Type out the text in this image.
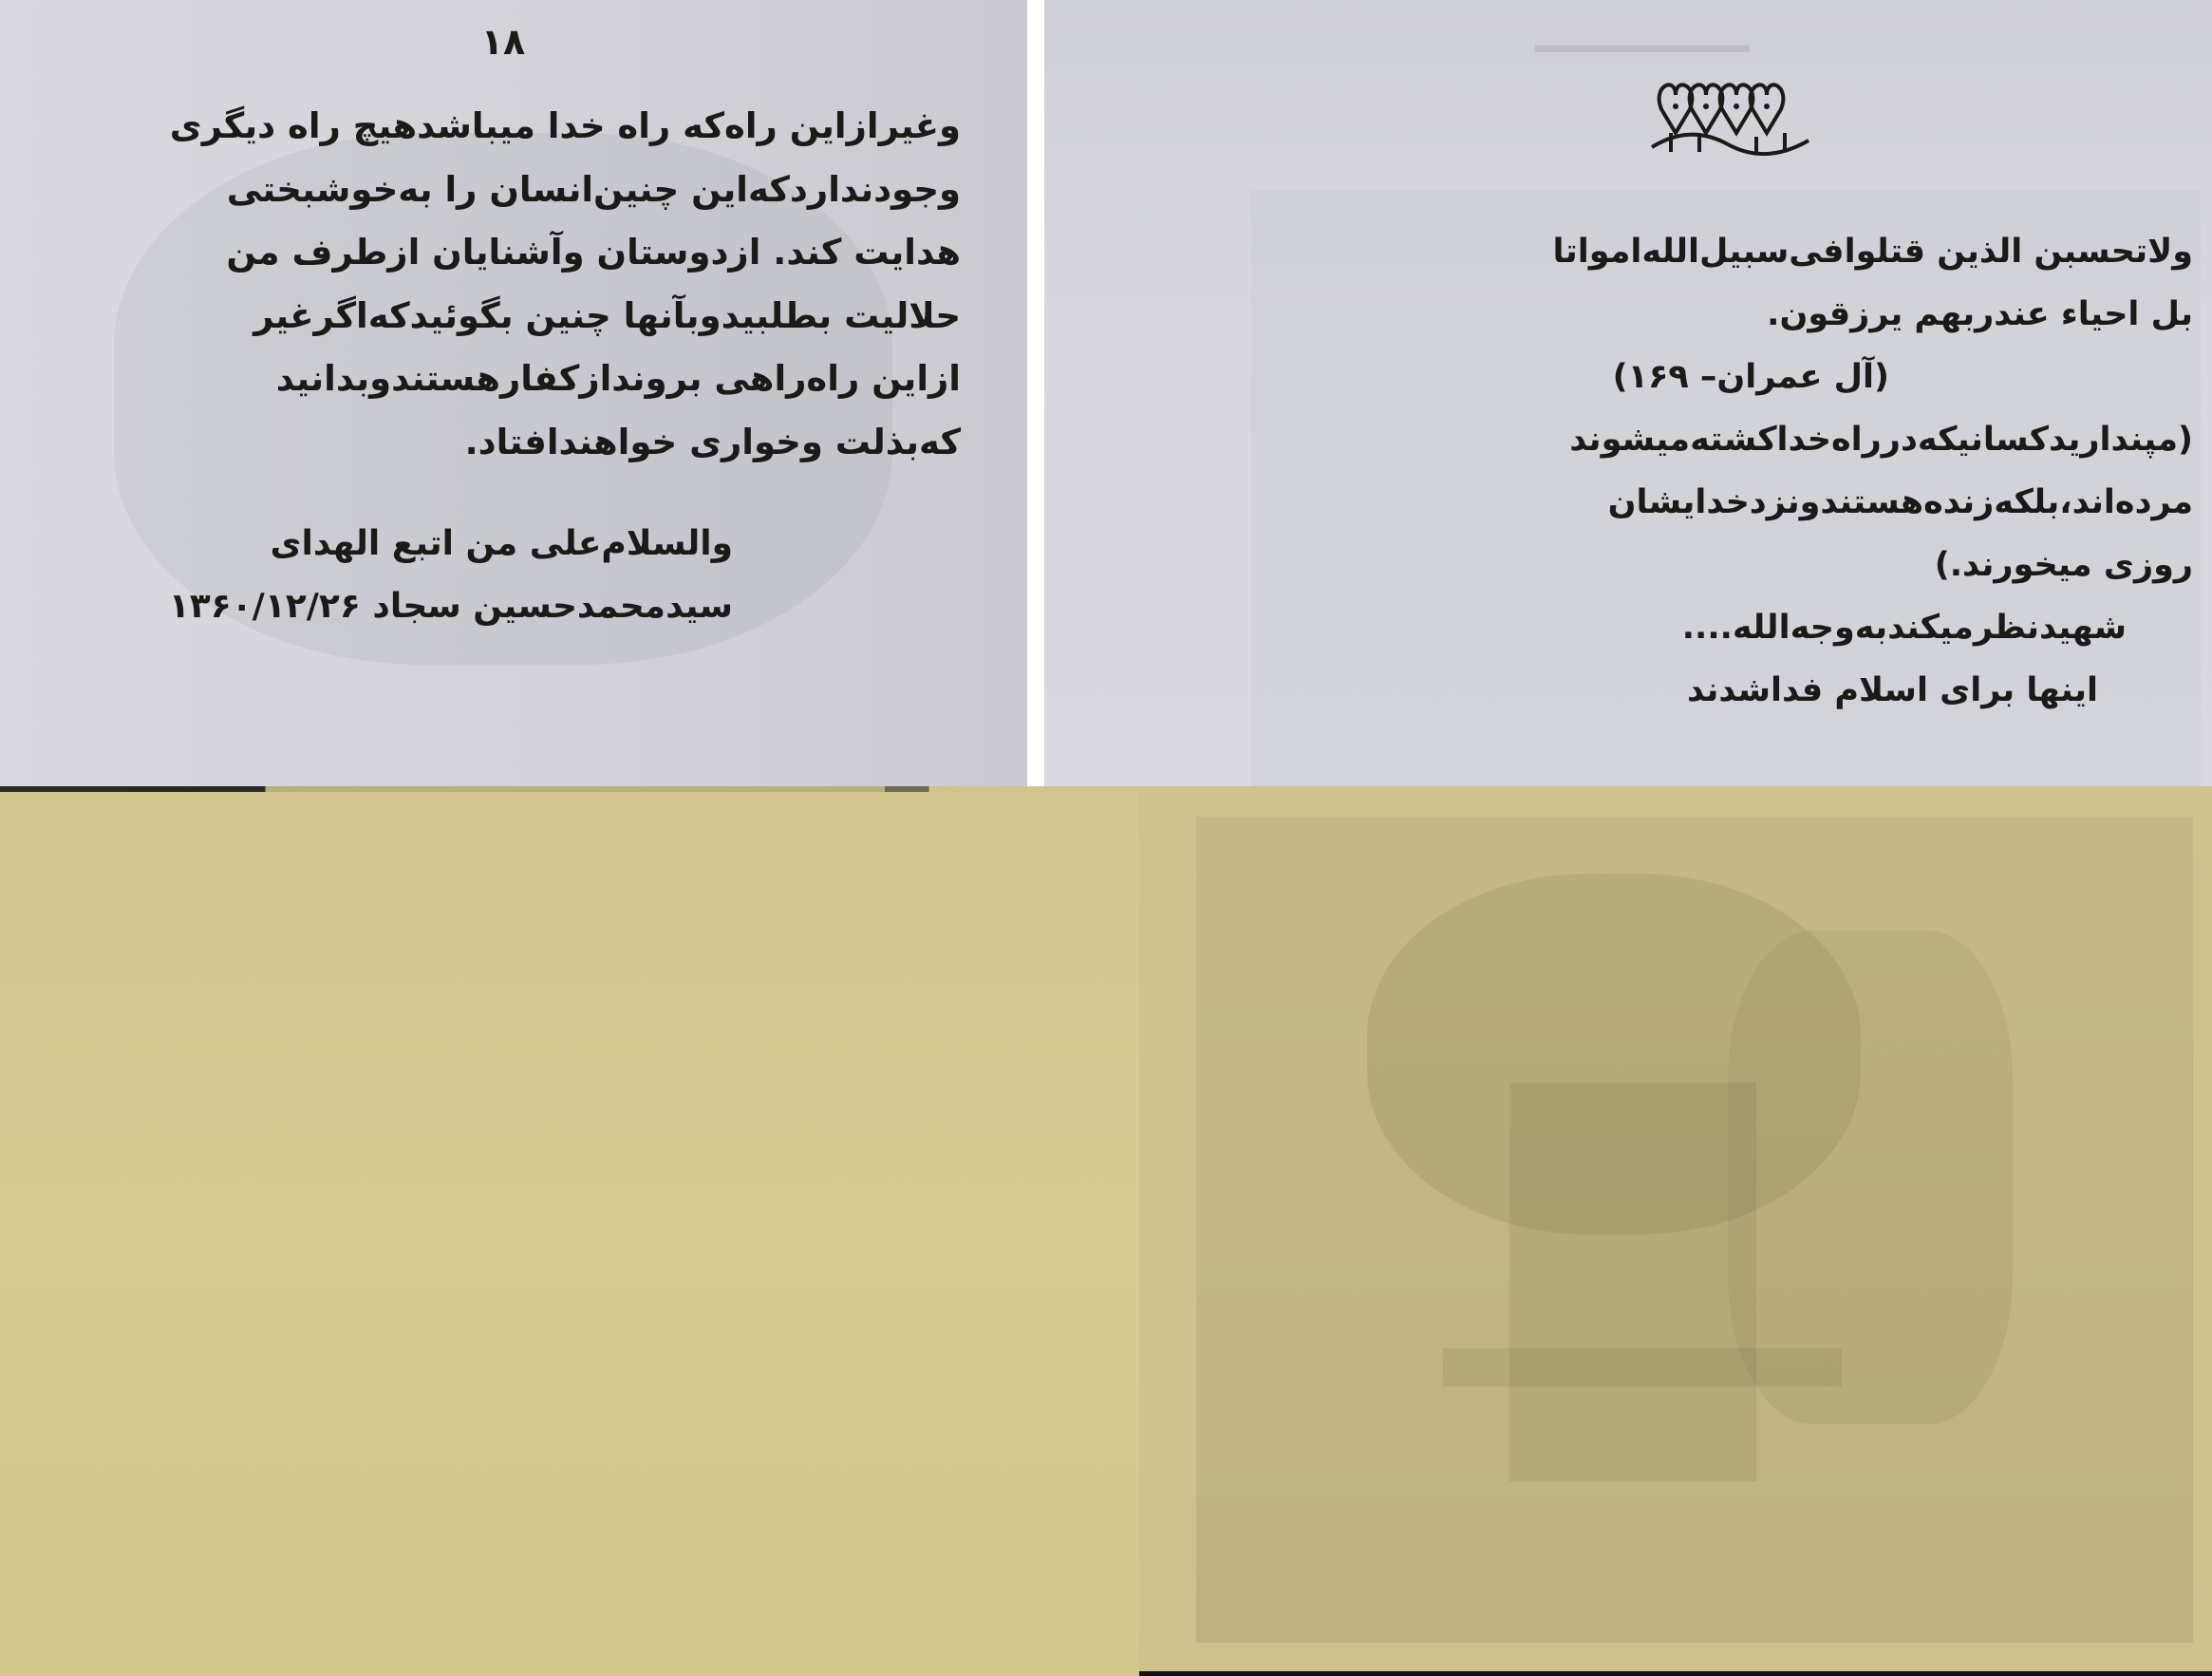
۱۸
وغیرازاین راه‌که راه خدا میباشدهیچ راه دیگری
وجودنداردکه‌این چنین‌انسان را به‌خوشبختی
هدایت کند. ازدوستان وآشنایان ازطرف من
حلالیت بطلبیدوبآنها چنین بگوئیدکه‌اگرغیر
ازاین راه‌راهی بروندازکفارهستندوبدانید
که‌بذلت وخواری خواهندافتاد.
والسلام‌علی من اتبع الهدای
سیدمحمدحسین سجاد ۱۳۶۰/۱۲/۲۶
ـــــــــــ
ولاتحسبن الذین قتلوافی‌سبیل‌الله‌امواتا
بل احیاء عندربهم یرزقون.
(آل عمران– ۱۶۹)
(مپندارید‌کسانیکه‌درراه‌خداکشته‌میشوند
مرده‌اند،بلکه‌زنده‌هستندونزدخدایشان
روزی میخورند.)
شهیدنظرمیکندبه‌وجه‌الله....
اینها برای اسلام فداشدند
